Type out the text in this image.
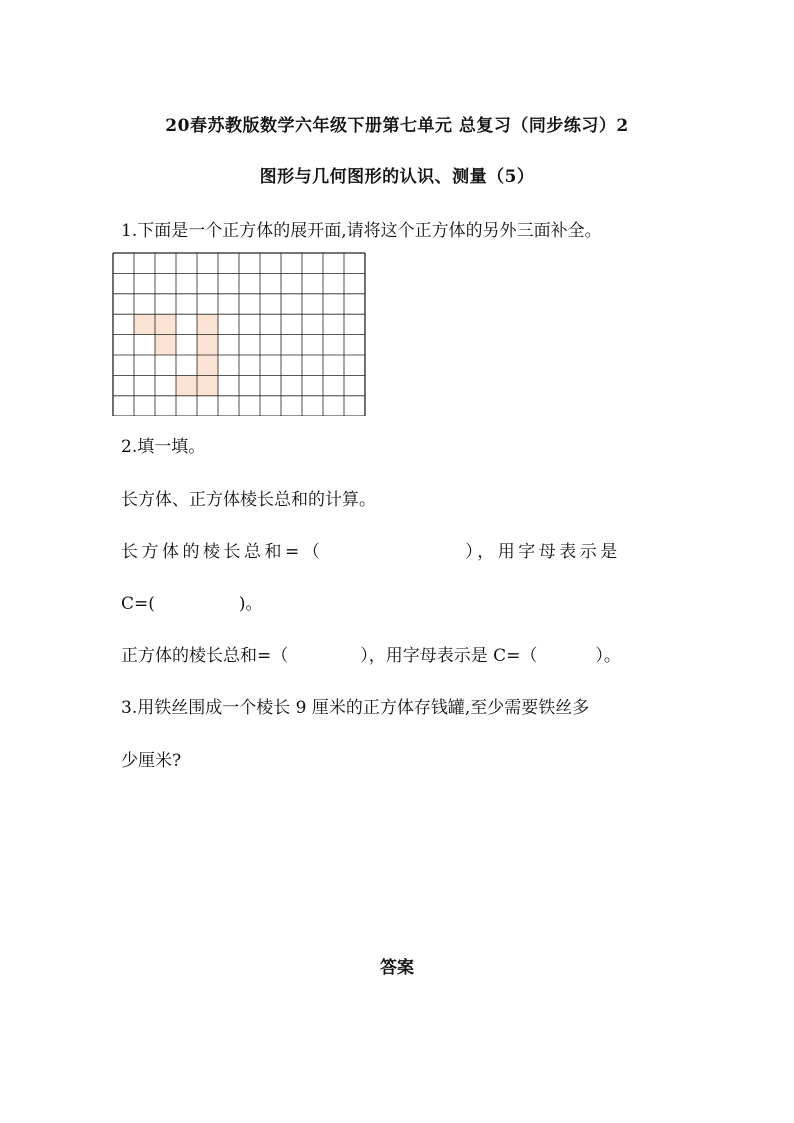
20春苏教版数学六年级下册第七单元 总复习（同步练习）2
图形与几何图形的认识、测量（5）
1.下面是一个正方体的展开面,请将这个正方体的另外三面补全。
2.填一填。
长方体、正方体棱长总和的计算。
长方体的棱长总和=（	），用字母表示是
C=(	)。
正方体的棱长总和=（	），用字母表示是 C=（	）。
3.用铁丝围成一个棱长 9 厘米的正方体存钱罐,至少需要铁丝多
少厘米?
答案
